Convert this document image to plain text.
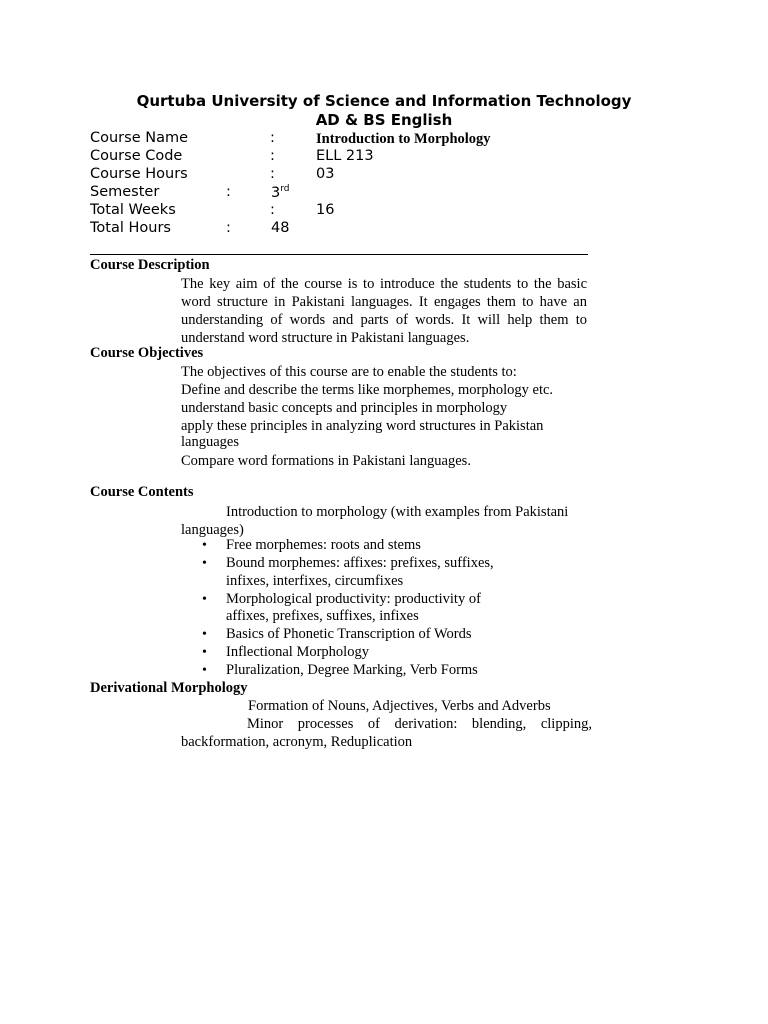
Qurtuba University of Science and Information Technology
AD & BS English
Course Name	:	Introduction to Morphology
Course Code	:	ELL 213
Course Hours	:	03
Semester	:	3rd
Total Weeks	:	16
Total Hours	:	48
Course Description
The key aim of the course is to introduce the students to the basic word structure in Pakistani languages. It engages them to have an understanding of words and parts of words. It will help them to understand word structure in Pakistani languages.
Course Objectives
The objectives of this course are to enable the students to:
Define and describe the terms like morphemes, morphology etc.
understand basic concepts and principles in morphology
apply these principles in analyzing word structures in Pakistan
languages
Compare word formations in Pakistani languages.
Course Contents
Introduction to morphology (with examples from Pakistani
languages)
• Free morphemes: roots and stems
• Bound morphemes: affixes: prefixes, suffixes, infixes, interfixes, circumfixes
• Morphological productivity: productivity of affixes, prefixes, suffixes, infixes
• Basics of Phonetic Transcription of Words
• Inflectional Morphology
• Pluralization, Degree Marking, Verb Forms
Derivational Morphology
Formation of Nouns, Adjectives, Verbs and Adverbs
Minor processes of derivation: blending, clipping,
backformation, acronym, Reduplication
